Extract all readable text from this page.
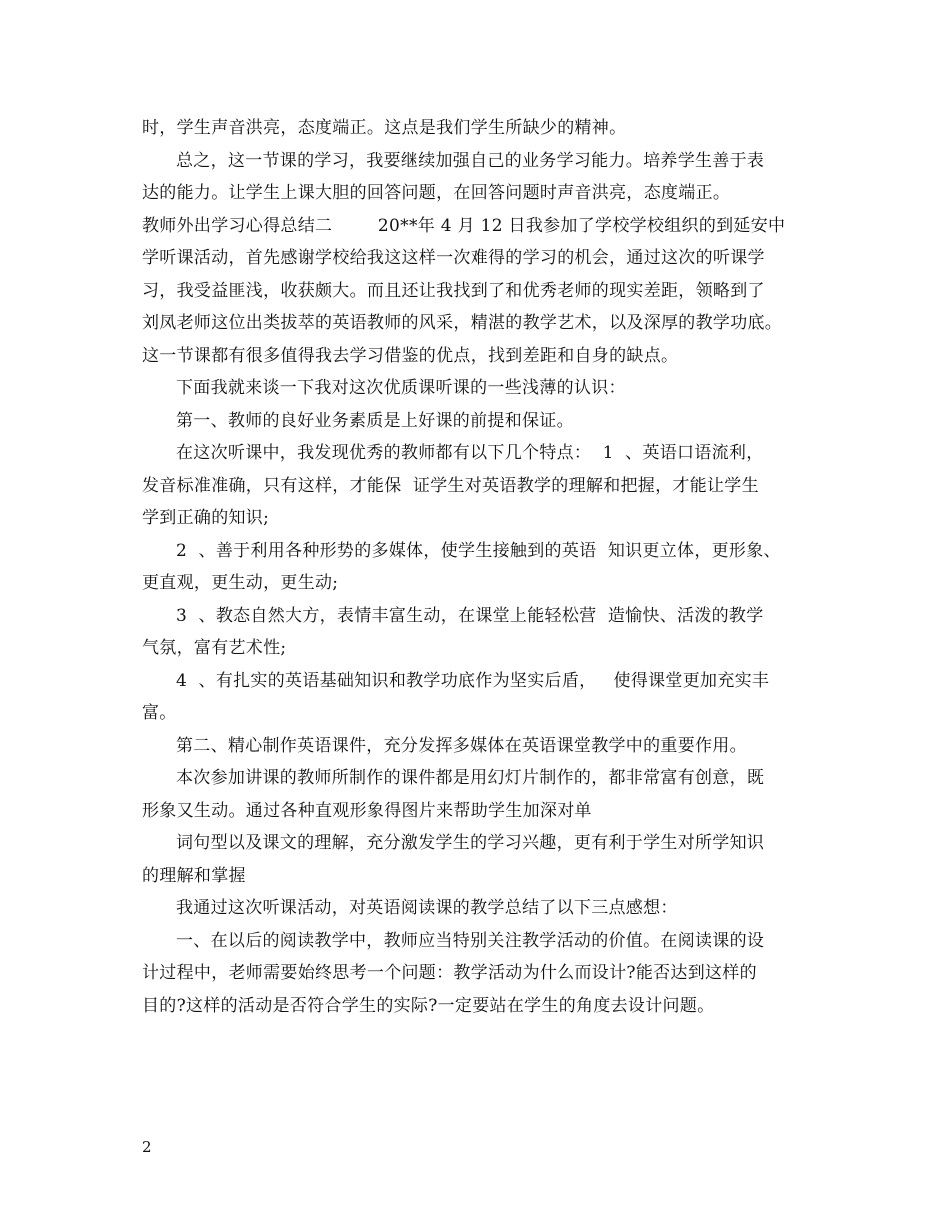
时，学生声音洪亮，态度端正。这点是我们学生所缺少的精神。

总之，这一节课的学习，我要继续加强自己的业务学习能力。培养学生善于表

达的能力。让学生上课大胆的回答问题，在回答问题时声音洪亮，态度端正。

教师外出学习心得总结二        20**年 4 月 12 日我参加了学校学校组织的到延安中

学听课活动，首先感谢学校给我这这样一次难得的学习的机会，通过这次的听课学

习，我受益匪浅，收获颇大。而且还让我找到了和优秀老师的现实差距，领略到了

刘凤老师这位出类拔萃的英语教师的风采，精湛的教学艺术，以及深厚的教学功底。

这一节课都有很多值得我去学习借鉴的优点，找到差距和自身的缺点。

下面我就来谈一下我对这次优质课听课的一些浅薄的认识：

第一、教师的良好业务素质是上好课的前提和保证。

在这次听课中，我发现优秀的教师都有以下几个特点：  1  、英语口语流利，

发音标准准确，只有这样，才能保  证学生对英语教学的理解和把握，才能让学生

学到正确的知识;

2  、善于利用各种形势的多媒体，使学生接触到的英语  知识更立体，更形象、

更直观，更生动，更生动;

3  、教态自然大方，表情丰富生动，在课堂上能轻松营  造愉快、活泼的教学

气氛，富有艺术性;

4  、有扎实的英语基础知识和教学功底作为坚实后盾，   使得课堂更加充实丰

富。

第二、精心制作英语课件，充分发挥多媒体在英语课堂教学中的重要作用。

本次参加讲课的教师所制作的课件都是用幻灯片制作的，都非常富有创意，既

形象又生动。通过各种直观形象得图片来帮助学生加深对单

词句型以及课文的理解，充分激发学生的学习兴趣，更有利于学生对所学知识

的理解和掌握

我通过这次听课活动，对英语阅读课的教学总结了以下三点感想：

一、在以后的阅读教学中，教师应当特别关注教学活动的价值。在阅读课的设

计过程中，老师需要始终思考一个问题：教学活动为什么而设计?能否达到这样的

目的?这样的活动是否符合学生的实际?一定要站在学生的角度去设计问题。

2
